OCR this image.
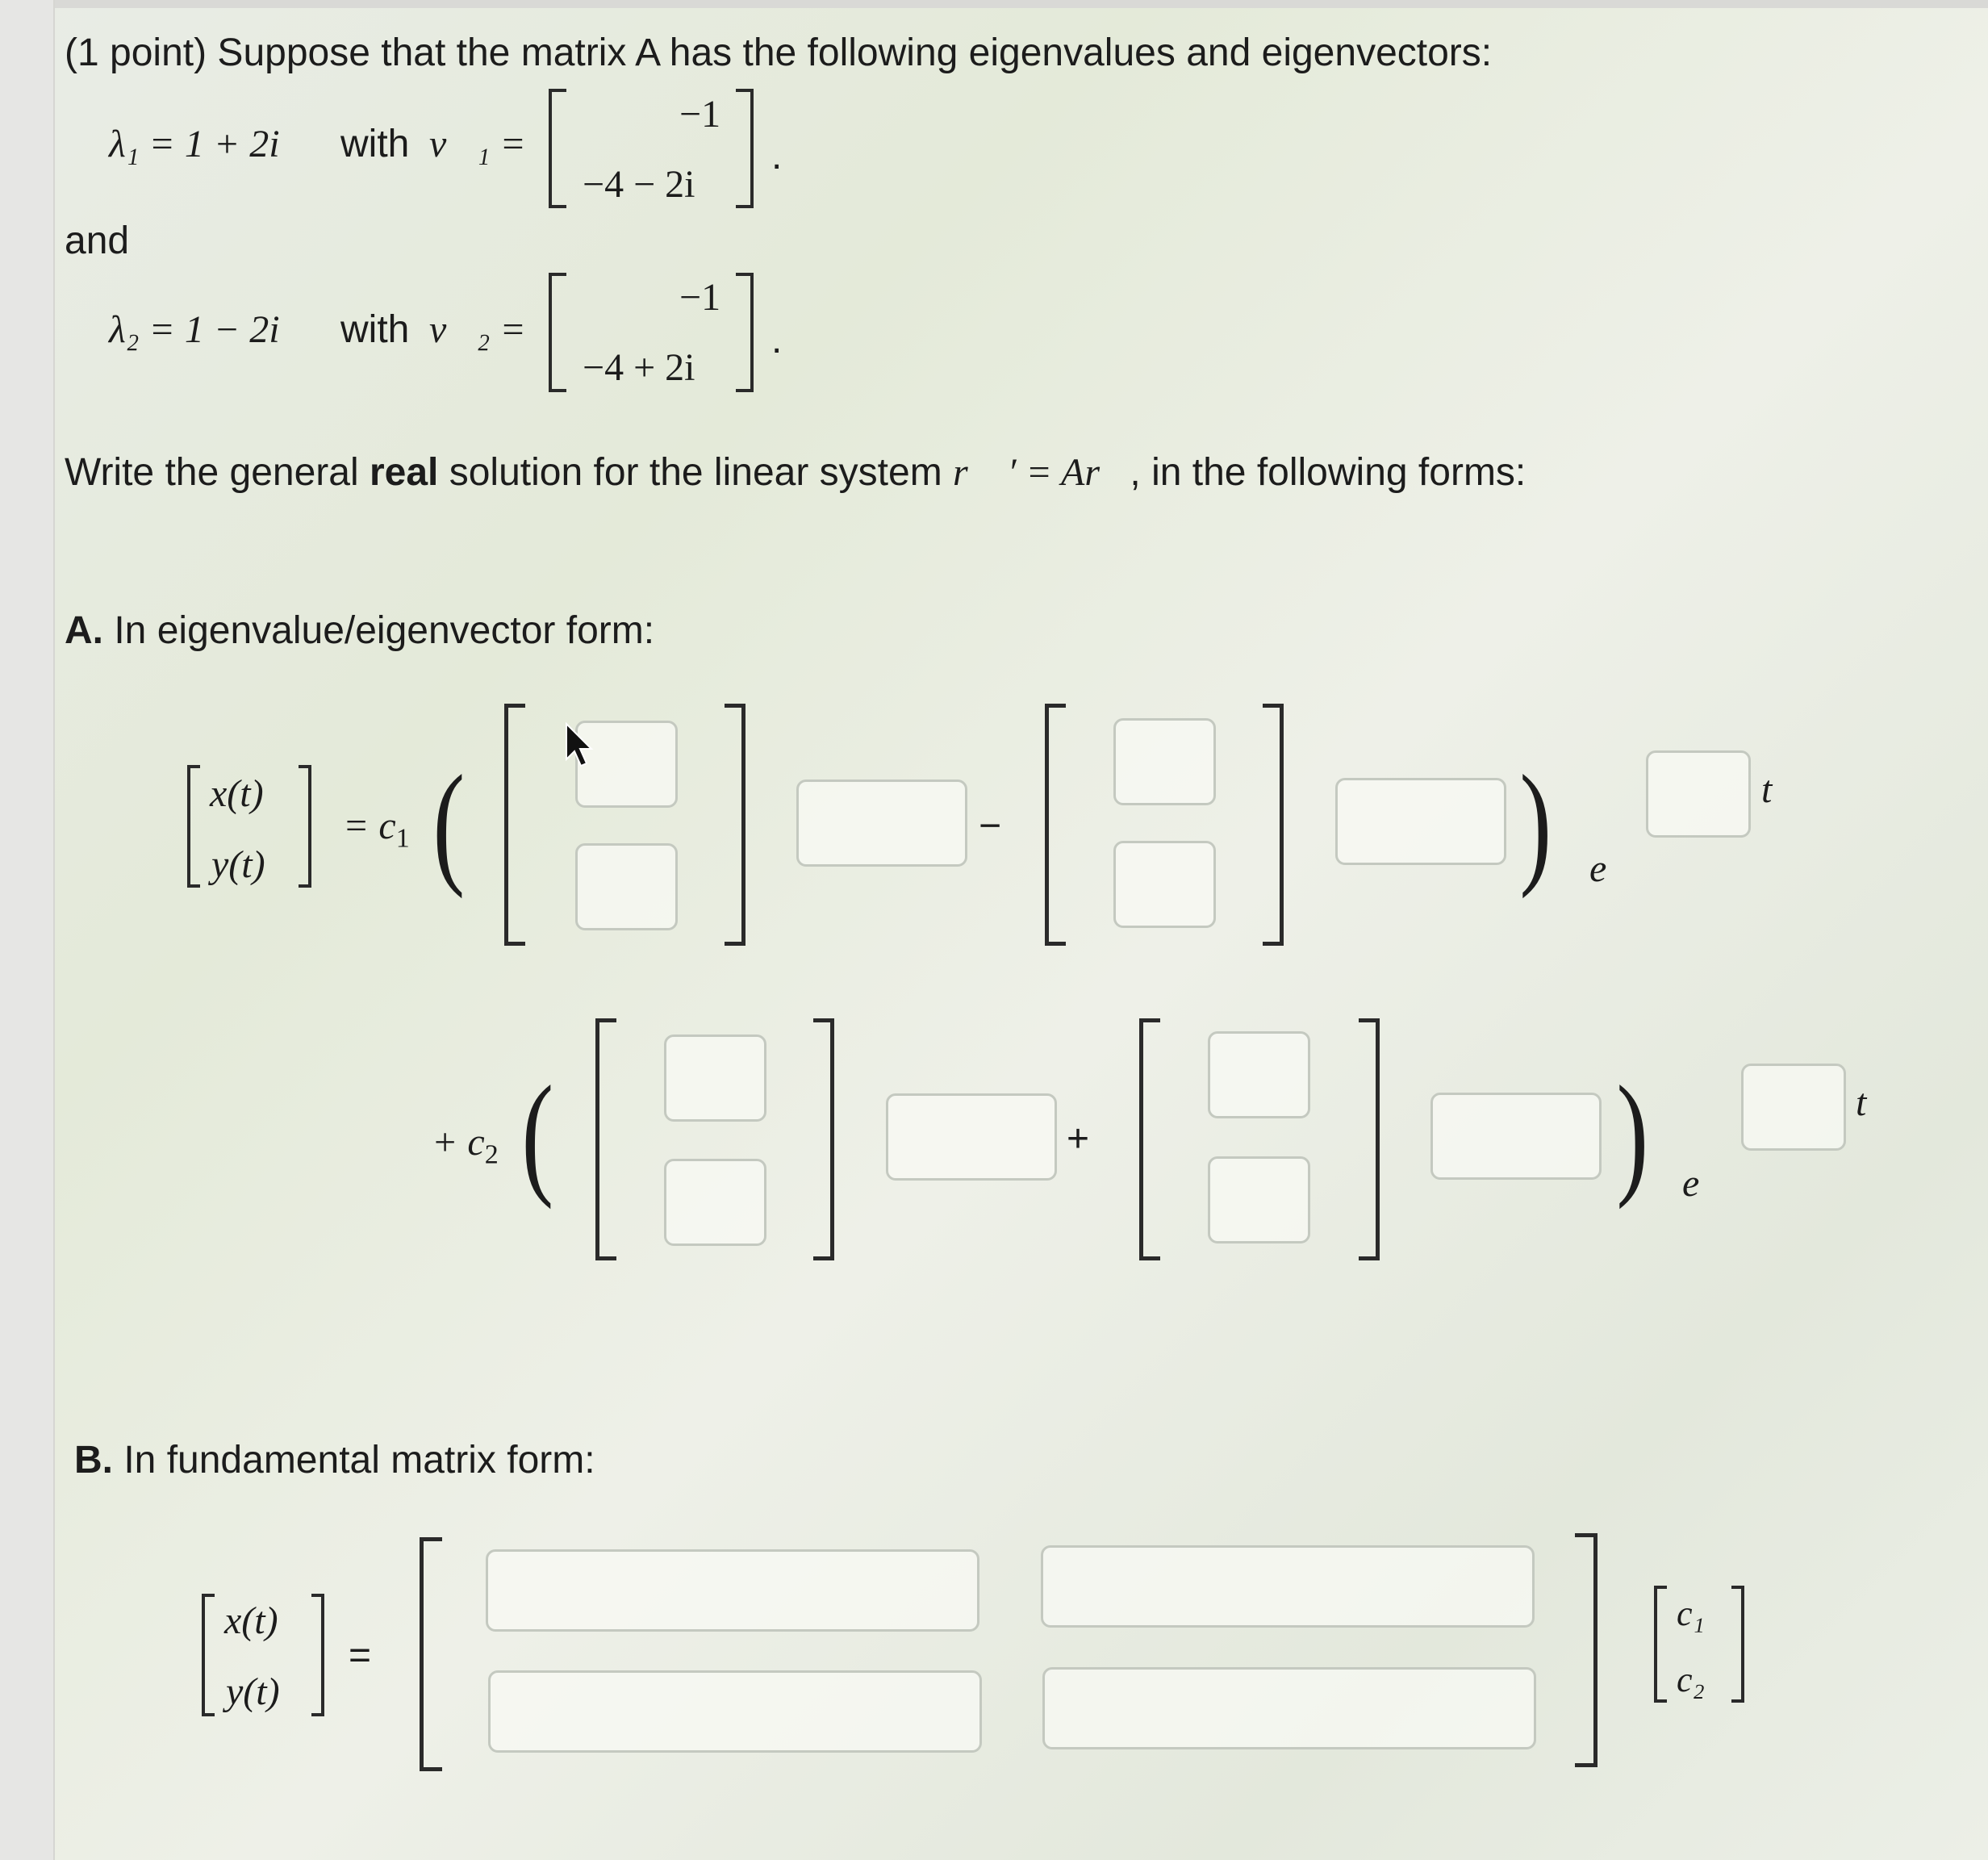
(1 point) Suppose that the matrix A has the following eigenvalues and eigenvectors:
λ₁ = 1 + 2i with v⃗₁ =
−1
−4 − 2i
.
and
λ₂ = 1 − 2i with v⃗₂ =
−1
−4 + 2i
.
Write the general real solution for the linear system r⃗ ′ = Ar⃗, in the following forms:
A. In eigenvalue/eigenvector form:
x(t)
y(t)
= $c_1$ (	−	) e
t
+ $c_2$ (	+	) e
t
B. In fundamental matrix form:
x(t)
y(t)
=
c₁
c₂
